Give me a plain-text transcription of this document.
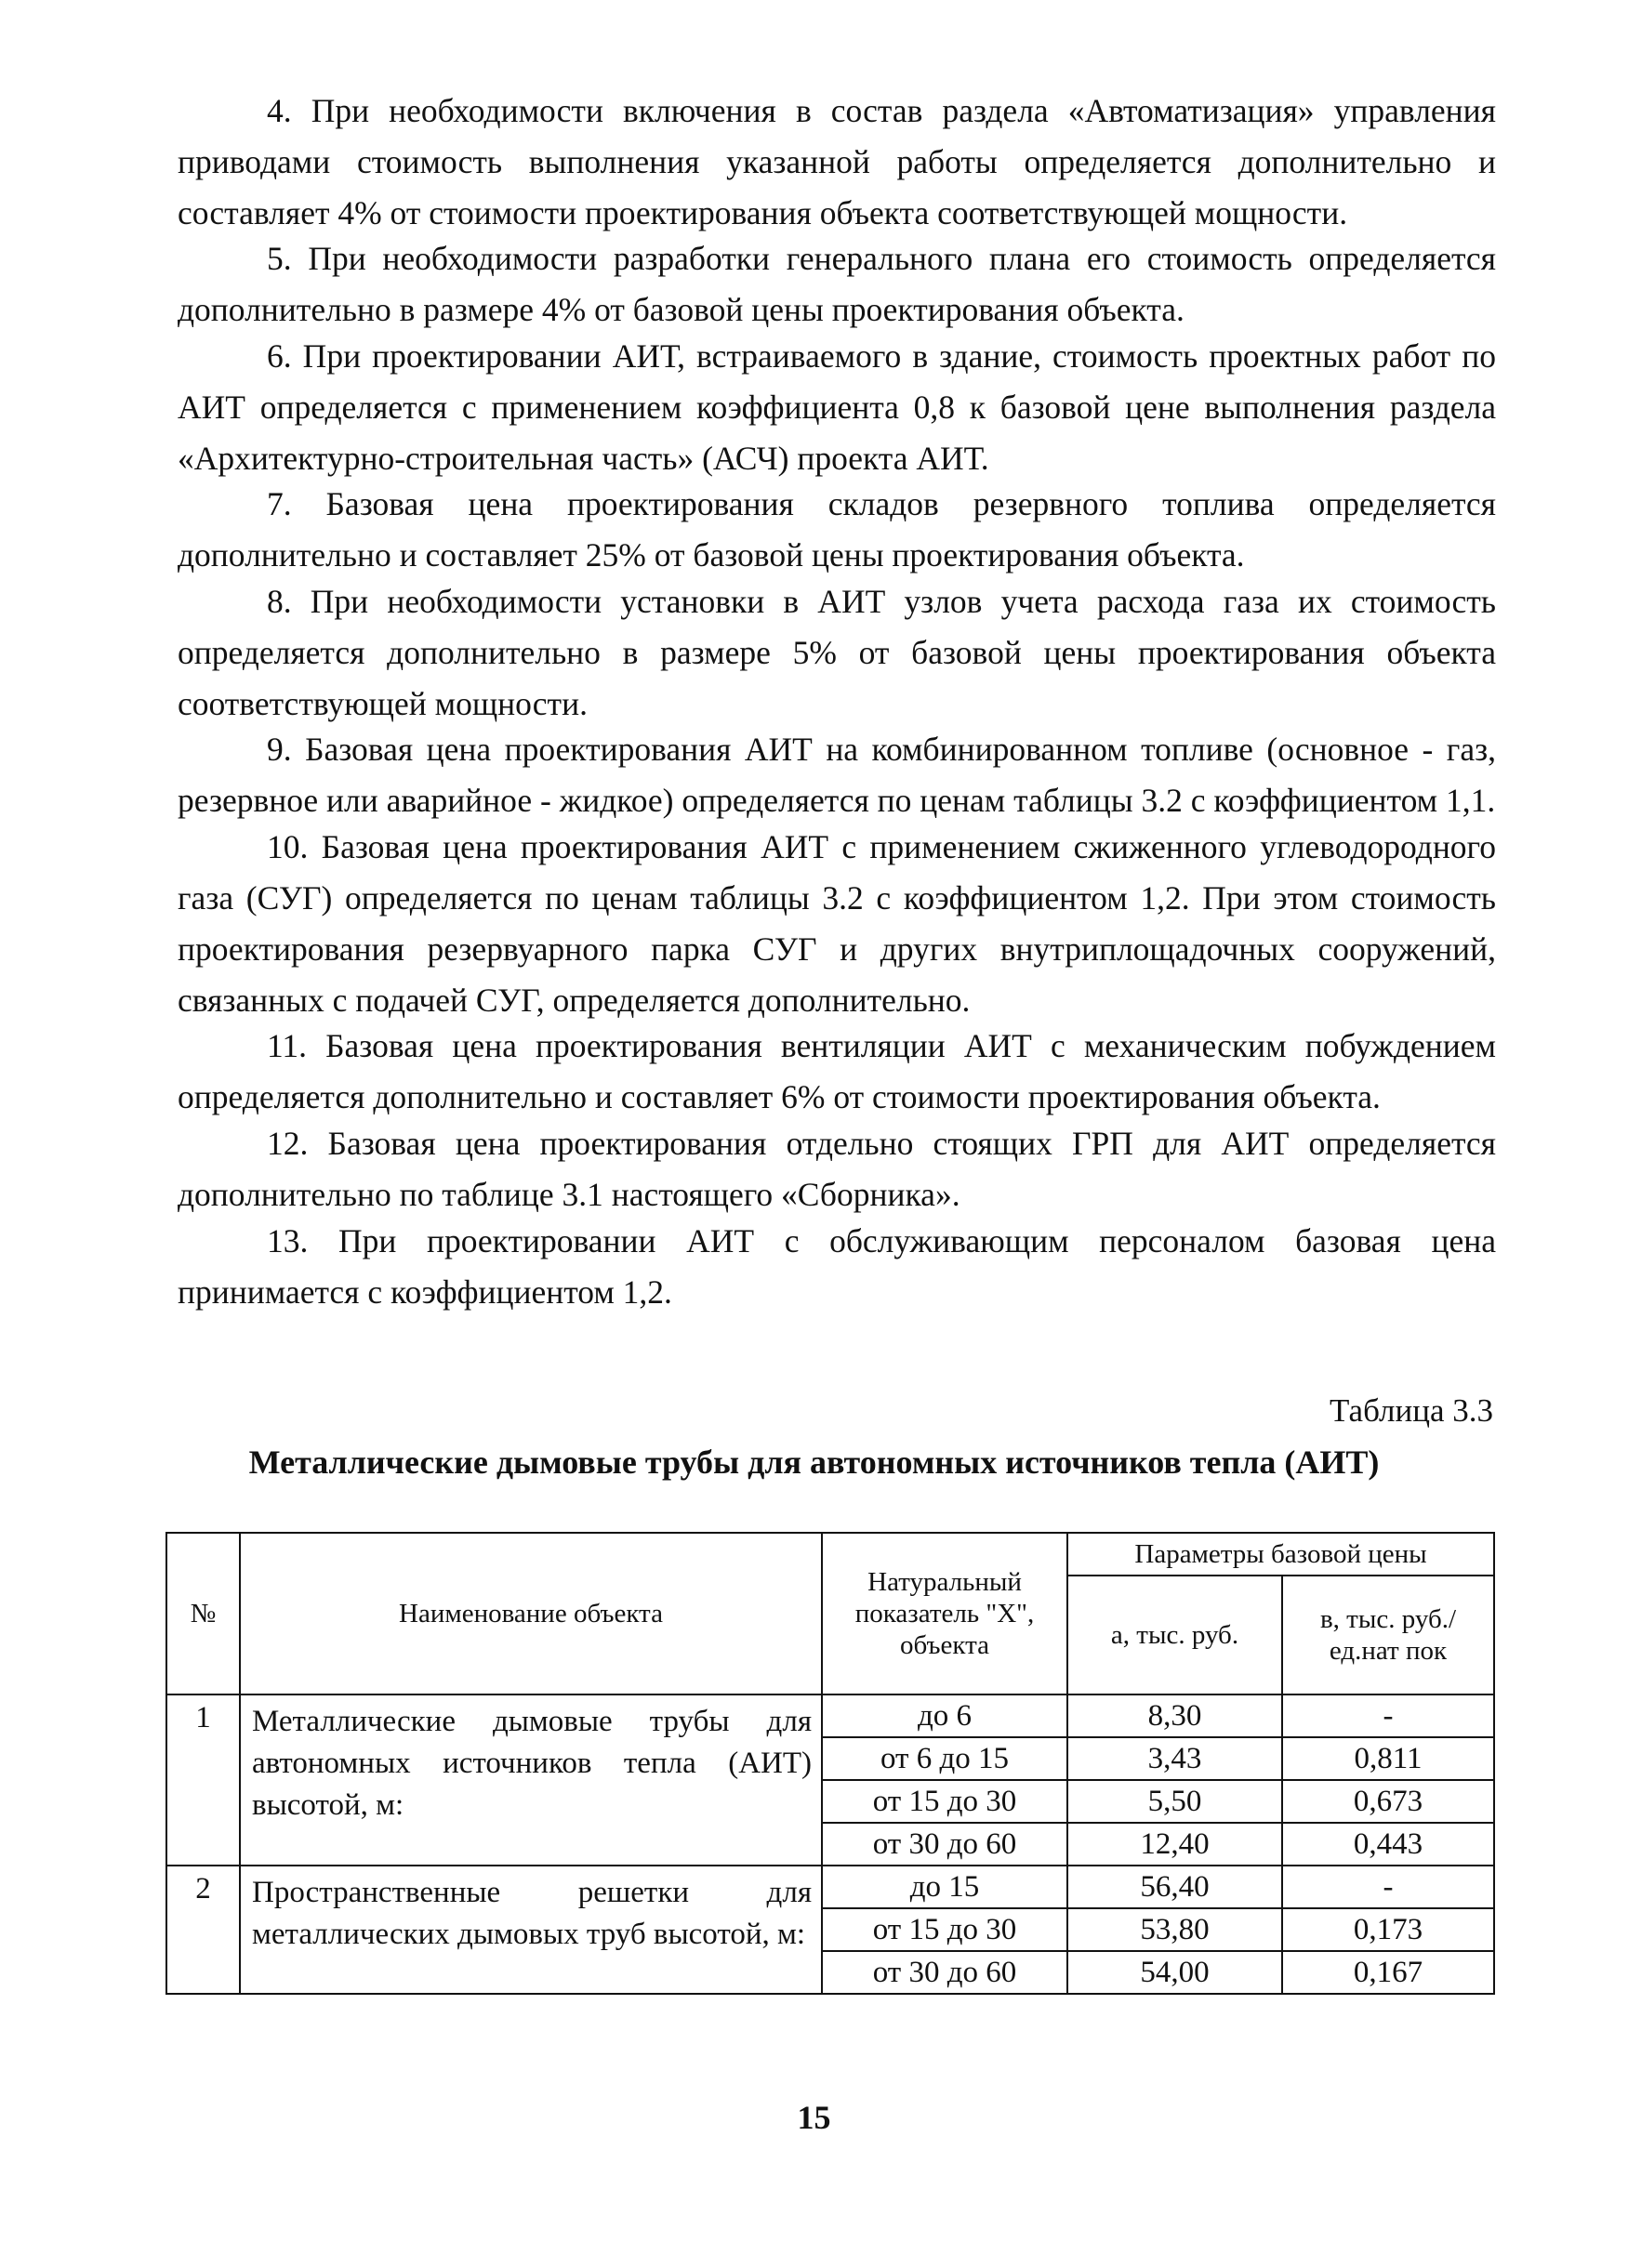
4. При необходимости включения в состав раздела «Автоматизация» управления приводами стоимость выполнения указанной работы определяется дополнительно и составляет 4% от стоимости проектирования объекта соответствующей мощности.

5. При необходимости разработки генерального плана его стоимость определяется дополнительно в размере 4% от базовой цены проектирования объекта.

6. При проектировании АИТ, встраиваемого в здание, стоимость проектных работ по АИТ определяется с применением коэффициента 0,8 к базовой цене выполнения раздела «Архитектурно-строительная часть» (АСЧ) проекта АИТ.

7. Базовая цена проектирования складов резервного топлива определяется дополнительно и составляет 25% от базовой цены проектирования объекта.

8. При необходимости установки в АИТ узлов учета расхода газа их стоимость определяется дополнительно в размере 5% от базовой цены проектирования объекта соответствующей мощности.

9. Базовая цена проектирования АИТ на комбинированном топливе (основное - газ, резервное или аварийное - жидкое) определяется по ценам таблицы 3.2 с коэффициентом 1,1.

10. Базовая цена проектирования АИТ с применением сжиженного углеводородного газа (СУГ) определяется по ценам таблицы 3.2 с коэффициентом 1,2. При этом стоимость проектирования резервуарного парка СУГ и других внутриплощадочных сооружений, связанных с подачей СУГ, определяется дополнительно.

11. Базовая цена проектирования вентиляции АИТ с механическим побуждением определяется дополнительно и составляет 6% от стоимости проектирования объекта.

12. Базовая цена проектирования отдельно стоящих ГРП для АИТ определяется дополнительно по таблице 3.1 настоящего «Сборника».

13. При проектировании АИТ с обслуживающим персоналом базовая цена принимается с коэффициентом 1,2.

Таблица 3.3
Металлические дымовые трубы для автономных источников тепла (АИТ)
№	Наименование объекта	Натуральный показатель "Х", объекта	Параметры базовой цены	
			а, тыс. руб.	в, тыс. руб./ ед.нат пок
1	Металлические дымовые трубы для автономных источников тепла (АИТ) высотой, м:	до 6	8,30	-
		от 6 до 15	3,43	0,811
		от 15 до 30	5,50	0,673
		от 30 до 60	12,40	0,443
2	Пространственные решетки для металлических дымовых труб высотой, м:	до 15	56,40	-
		от 15 до 30	53,80	0,173
		от 30 до 60	54,00	0,167
15
